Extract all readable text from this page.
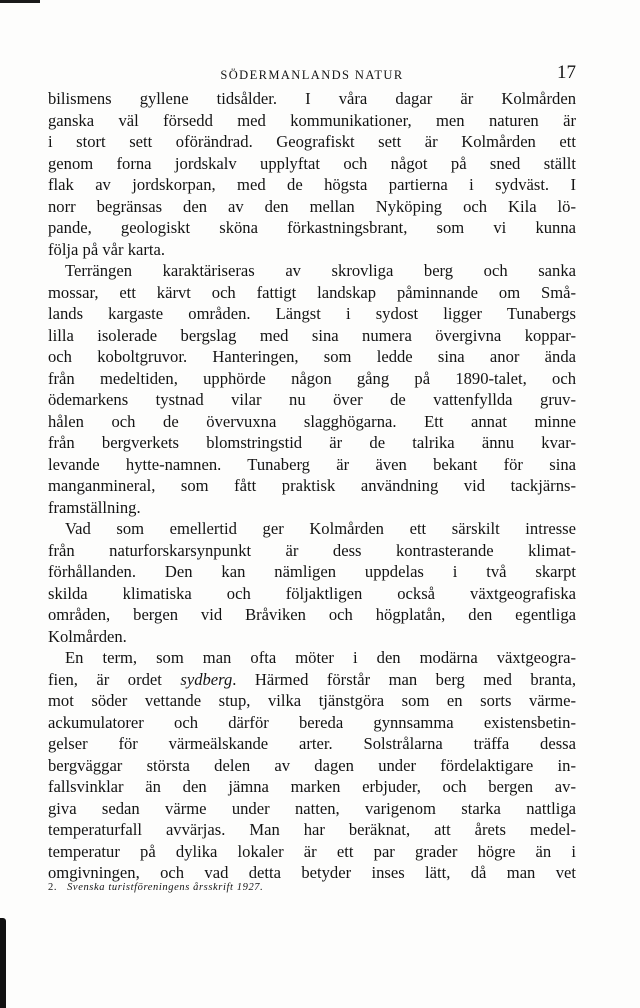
SÖDERMANLANDS NATUR	17
bilismens gyllene tidsålder. I våra dagar är Kolmården
ganska väl försedd med kommunikationer, men naturen är
i stort sett oförändrad. Geografiskt sett är Kolmården ett
genom forna jordskalv upplyftat och något på sned ställt
flak av jordskorpan, med de högsta partierna i sydväst. I
norr begränsas den av den mellan Nyköping och Kila lö-
pande, geologiskt sköna förkastningsbrant, som vi kunna
följa på vår karta.
Terrängen karaktäriseras av skrovliga berg och sanka
mossar, ett kärvt och fattigt landskap påminnande om Små-
lands kargaste områden. Längst i sydost ligger Tunabergs
lilla isolerade bergslag med sina numera övergivna koppar-
och koboltgruvor. Hanteringen, som ledde sina anor ända
från medeltiden, upphörde någon gång på 1890-talet, och
ödemarkens tystnad vilar nu över de vattenfyllda gruv-
hålen och de övervuxna slagghögarna. Ett annat minne
från bergverkets blomstringstid är de talrika ännu kvar-
levande hytte-namnen. Tunaberg är även bekant för sina
manganmineral, som fått praktisk användning vid tackjärns-
framställning.
Vad som emellertid ger Kolmården ett särskilt intresse
från naturforskarsynpunkt är dess kontrasterande klimat-
förhållanden. Den kan nämligen uppdelas i två skarpt
skilda klimatiska och följaktligen också växtgeografiska
områden, bergen vid Bråviken och högplatån, den egentliga
Kolmården.
En term, som man ofta möter i den modärna växtgeogra-
fien, är ordet sydberg. Härmed förstår man berg med branta,
mot söder vettande stup, vilka tjänstgöra som en sorts värme-
ackumulatorer och därför bereda gynnsamma existensbetin-
gelser för värmeälskande arter. Solstrålarna träffa dessa
bergväggar största delen av dagen under fördelaktigare in-
fallsvinklar än den jämna marken erbjuder, och bergen av-
giva sedan värme under natten, varigenom starka nattliga
temperaturfall avvärjas. Man har beräknat, att årets medel-
temperatur på dylika lokaler är ett par grader högre än i
omgivningen, och vad detta betyder inses lätt, då man vet
2. Svenska turistföreningens årsskrift 1927.
